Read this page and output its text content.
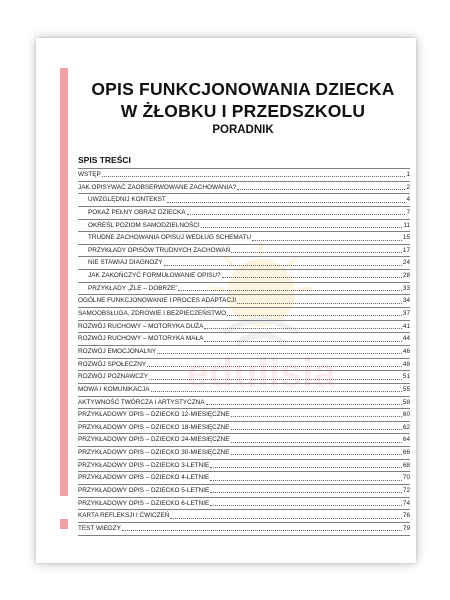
OPIS FUNKCJONOWANIA DZIECKA
W ŻŁOBKU I PRZEDSZKOLU
PORADNIK
edulisia
SPIS TREŚCI
WSTĘP	1
JAK OPISYWAĆ ZAOBSERWOWANE ZACHOWANIA?	2
UWZGLĘDNIJ KONTEKST	4
POKAŻ PEŁNY OBRAZ DZIECKA	7
OKREŚL POZIOM SAMODZIELNOŚCI	11
TRUDNE ZACHOWANIA OPISUJ WEDŁUG SCHEMATU	15
PRZYKŁADY OPISÓW TRUDNYCH ZACHOWAŃ	17
NIE STAWIAJ DIAGNOZY	24
JAK ZAKOŃCZYĆ FORMUŁOWANIE OPISU?	28
PRZYKŁADY „ŹLE – DOBRZE”	33
OGÓLNE FUNKCJONOWANIE I PROCES ADAPTACJI	34
SAMOOBSŁUGA, ZDROWIE I BEZPIECZEŃSTWO	37
ROZWÓJ RUCHOWY – MOTORYKA DUŻA	41
ROZWÓJ RUCHOWY – MOTORYKA MAŁA	44
ROZWÓJ EMOCJONALNY	46
ROZWÓJ SPOŁECZNY	48
ROZWÓJ POZNAWCZY	51
MOWA I KOMUNIKACJA	55
AKTYWNOŚĆ TWÓRCZA I ARTYSTYCZNA	58
PRZYKŁADOWY OPIS – DZIECKO 12-MIESIĘCZNE	60
PRZYKŁADOWY OPIS – DZIECKO 18-MIESIĘCZNE	62
PRZYKŁADOWY OPIS – DZIECKO 24-MIESIĘCZNE	64
PRZYKŁADOWY OPIS – DZIECKO 30-MIESIĘCZNE	66
PRZYKŁADOWY OPIS – DZIECKO 3-LETNIE	68
PRZYKŁADOWY OPIS – DZIECKO 4-LETNIE	70
PRZYKŁADOWY OPIS – DZIECKO 5-LETNIE	72
PRZYKŁADOWY OPIS – DZIECKO 6-LETNIE	74
KARTA REFLEKSJI I ĆWICZEŃ	76
TEST WIEDZY	79
